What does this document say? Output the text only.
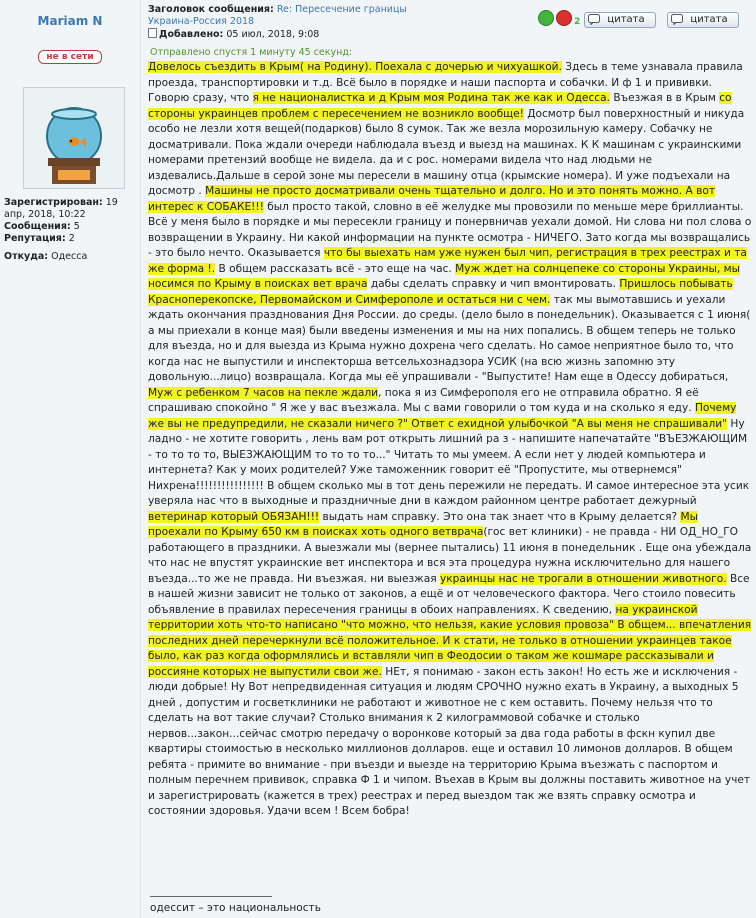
Mariam N
не в сети
Зарегистрирован: 19 апр, 2018, 10:22
Сообщения: 5
Репутация: 2
Откуда: Одесса
Заголовок сообщения: Re: Пересечение границы Украина-Россия 2018
Добавлено: 05 июл, 2018, 9:08
2	цитата	цитата
Отправлено спустя 1 минуту 45 секунд:
Довелось съездить в Крым( на Родину). Поехала с дочерью и чихуашкой. Здесь в теме узнавала правила проезда, транспортировки и т.д. Всё было в порядке и наши паспорта и собачки. И ф 1 и прививки. Говорю сразу, что я не националистка и д Крым моя Родина так же как и Одесса. Въезжая в в Крым со стороны украинцев проблем с пересечением не возникло вообще! Досмотр был поверхностный и никуда особо не лезли хотя вещей(подарков) было 8 сумок. Так же везла морозильную камеру. Собачку не досматривали. Пока ждали очереди наблюдала въезд и выезд на машинах. К К машинам с украинскими номерами претензий вообще не видела. да и с рос. номерами видела что над людьми не издевались.Дальше в серой зоне мы пересели в машину отца (крымские номера). И уже подъехали на досмотр . Машины не просто досматривали очень тщательно и долго. Но и это понять можно. А вот интерес к СОБАКЕ!!! был просто такой, словно в её желудке мы провозили по меньше мере бриллианты. Всё у меня было в порядке и мы пересекли границу и понервничав уехали домой. Ни слова ни пол слова о возвращении в Украину. Ни какой информации на пункте осмотра - НИЧЕГО. Зато когда мы возвращались - это было нечто. Оказывается что бы выехать нам уже нужен был чип, регистрация в трех реестрах и та же форма !. В общем рассказать всё - это еще на час. Муж ждет на солнцепеке со стороны Украины, мы носимся по Крыму в поисках вет врача дабы сделать справку и чип вмонтировать. Пришлось побывать Красноперекопске, Первомайском и Симферополе и остаться ни с чем. так мы вымотавшись и уехали ждать окончания празднования Дня России. до среды. (дело было в понедельник). Оказывается с 1 июня( а мы приехали в конце мая) были введены изменения и мы на них попались. В общем теперь не только для въезда, но и для выезда из Крыма нужно дохрена чего сделать. Но самое неприятное было то, что когда нас не выпустили и инспекторша ветсельхознадзора УСИК (на всю жизнь запомню эту довольную...лицо) возвращала. Когда мы её упрашивали - "Выпустите! Нам еще в Одессу добираться, Муж с ребенком 7 часов на пекле ждали, пока я из Симферополя его не отправила обратно. Я её спрашиваю спокойно " Я же у вас въезжала. Мы с вами говорили о том куда и на сколько я еду. Почему же вы не предупредили, не сказали ничего ?" Ответ с ехидной улыбочкой "А вы меня не спрашивали" Ну ладно - не хотите говорить , лень вам рот открыть лишний ра з - напишите напечатайте "ВЪЕЗЖАЮЩИМ - то то то то, ВЫЕЗЖАЮЩИМ то то то то..." Читать то мы умеем. А если нет у людей компьютера и интернета? Как у моих родителей? Уже таможенник говорит её "Пропустите, мы отвернемся" Нихрена!!!!!!!!!!!!!!!! В общем сколько мы в тот день пережили не передать. И самое интересное эта усик уверяла нас что в выходные и праздничные дни в каждом районном центре работает дежурный ветеринар который ОБЯЗАН!!! выдать нам справку. Это она так знает что в Крыму делается? Мы проехали по Крыму 650 км в поисках хоть одного ветврача(гос вет клиники) - не правда - НИ ОД_НО_ГО работающего в праздники. А выезжали мы (вернее пытались) 11 июня в понедельник . Еще она убеждала что нас не впустят украинские вет инспектора и вся эта процедура нужна исключительно для нашего въезда...то же не правда. Ни въезжая. ни выезжая украинцы нас не трогали в отношении животного. Все в нашей жизни зависит не только от законов, а ещё и от человеческого фактора. Чего стоило повесить объявление в правилах пересечения границы в обоих направлениях. К сведению, на украинской территории хоть что-то написано "что можно, что нельзя, какие условия провоза" В общем... впечатления последних дней перечеркнули всё положительное. И к стати, не только в отношении украинцев такое было, как раз когда оформлялись и вставляли чип в Феодосии о таком же кошмаре рассказывали и россияне которых не выпустили свои же. НЕт, я понимаю - закон есть закон! Но есть же и исключения - люди добрые! Ну Вот непредвиденная ситуация и людям СРОЧНО нужно ехать в Украину, а выходных 5 дней , допустим и госветклиники не работают и животное не с кем оставить. Почему нельзя что то сделать на вот такие случаи? Столько внимания к 2 килограммовой собачке и столько нервов...закон...сейчас смотрю передачу о воронкове который за два года работы в фскн купил две квартиры стоимостью в несколько миллионов долларов. еще и оставил 10 лимонов долларов. В общем ребята - примите во внимание - при въезди и выезде на территорию Крыма въезжать с паспортом и полным перечнем прививок, справка Ф 1 и чипом. Въехав в Крым вы должны поставить животное на учет и зарегистрировать (кажется в трех) реестрах и перед выездом так же взять справку осмотра и состоянии здоровья. Удачи всем ! Всем бобра!
одессит – это национальность
